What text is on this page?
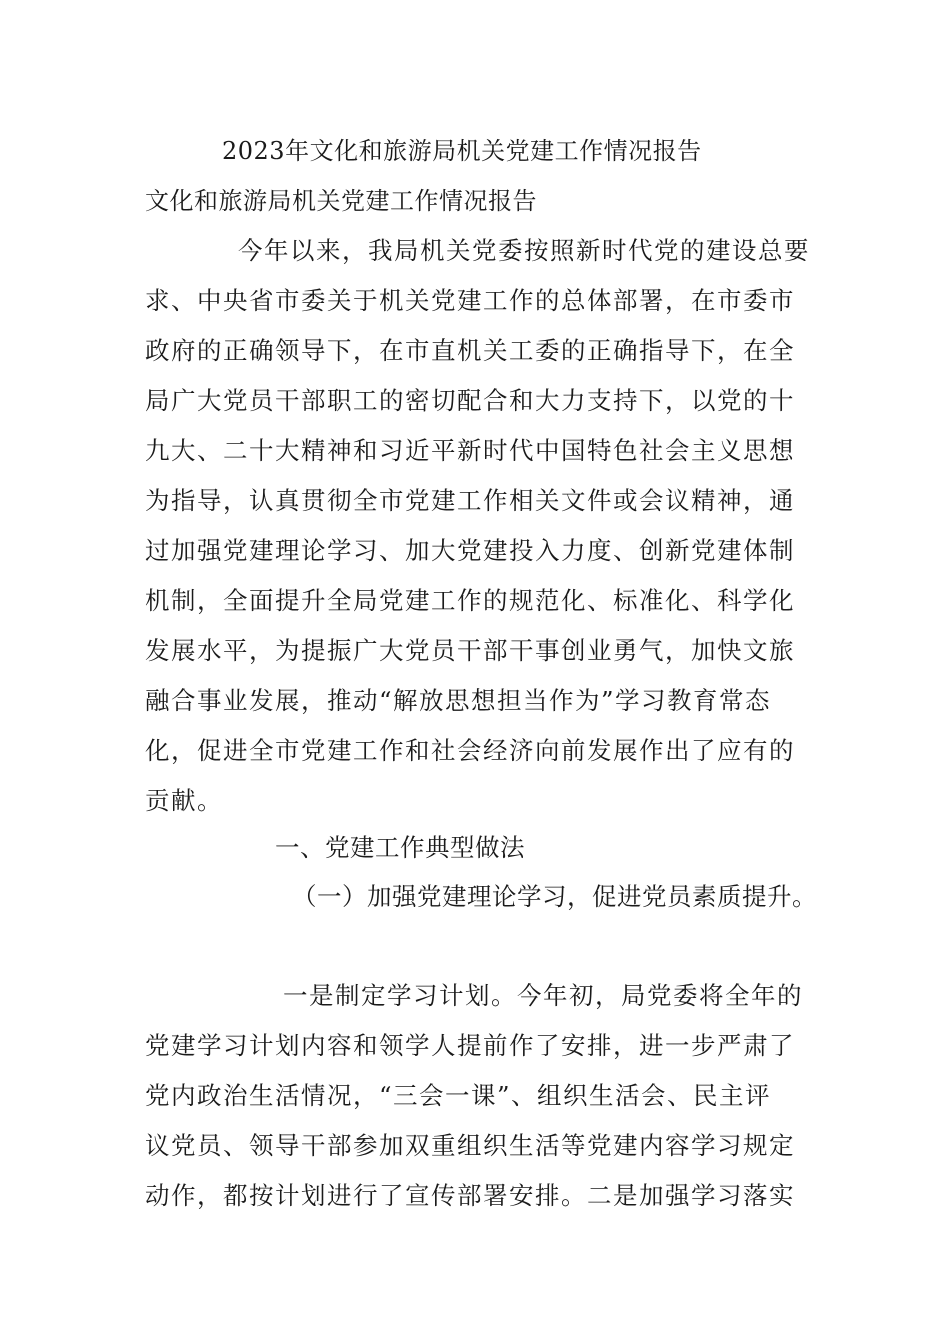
2023年文化和旅游局机关党建工作情况报告
文化和旅游局机关党建工作情况报告
今年以来，我局机关党委按照新时代党的建设总要
求、中央省市委关于机关党建工作的总体部署，在市委市
政府的正确领导下，在市直机关工委的正确指导下，在全
局广大党员干部职工的密切配合和大力支持下，以党的十
九大、二十大精神和习近平新时代中国特色社会主义思想
为指导，认真贯彻全市党建工作相关文件或会议精神，通
过加强党建理论学习、加大党建投入力度、创新党建体制
机制，全面提升全局党建工作的规范化、标准化、科学化
发展水平，为提振广大党员干部干事创业勇气，加快文旅
融合事业发展，推动“解放思想担当作为”学习教育常态
化，促进全市党建工作和社会经济向前发展作出了应有的
贡献。
一、党建工作典型做法
（一）加强党建理论学习，促进党员素质提升。
一是制定学习计划。今年初，局党委将全年的
党建学习计划内容和领学人提前作了安排，进一步严肃了
党内政治生活情况，“三会一课”、组织生活会、民主评
议党员、领导干部参加双重组织生活等党建内容学习规定
动作，都按计划进行了宣传部署安排。二是加强学习落实
